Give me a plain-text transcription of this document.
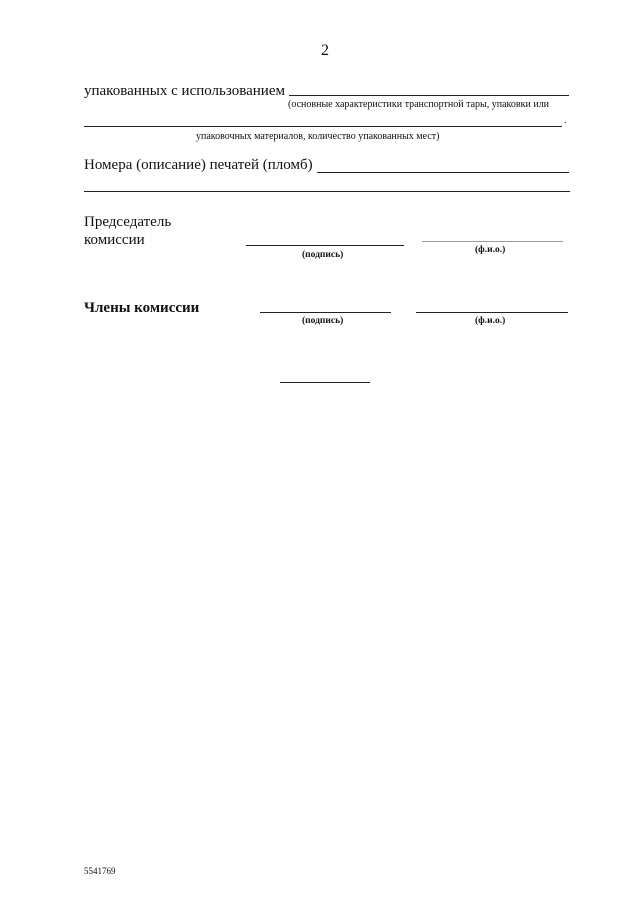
2
упакованных с использованием
(основные характеристики транспортной тары, упаковки или
.
упаковочных материалов, количество упакованных мест)
Номера (описание) печатей (пломб)
Председатель
комиссии
(подпись)	(ф.и.о.)
Члены комиссии
(подпись)	(ф.и.о.)
5541769
